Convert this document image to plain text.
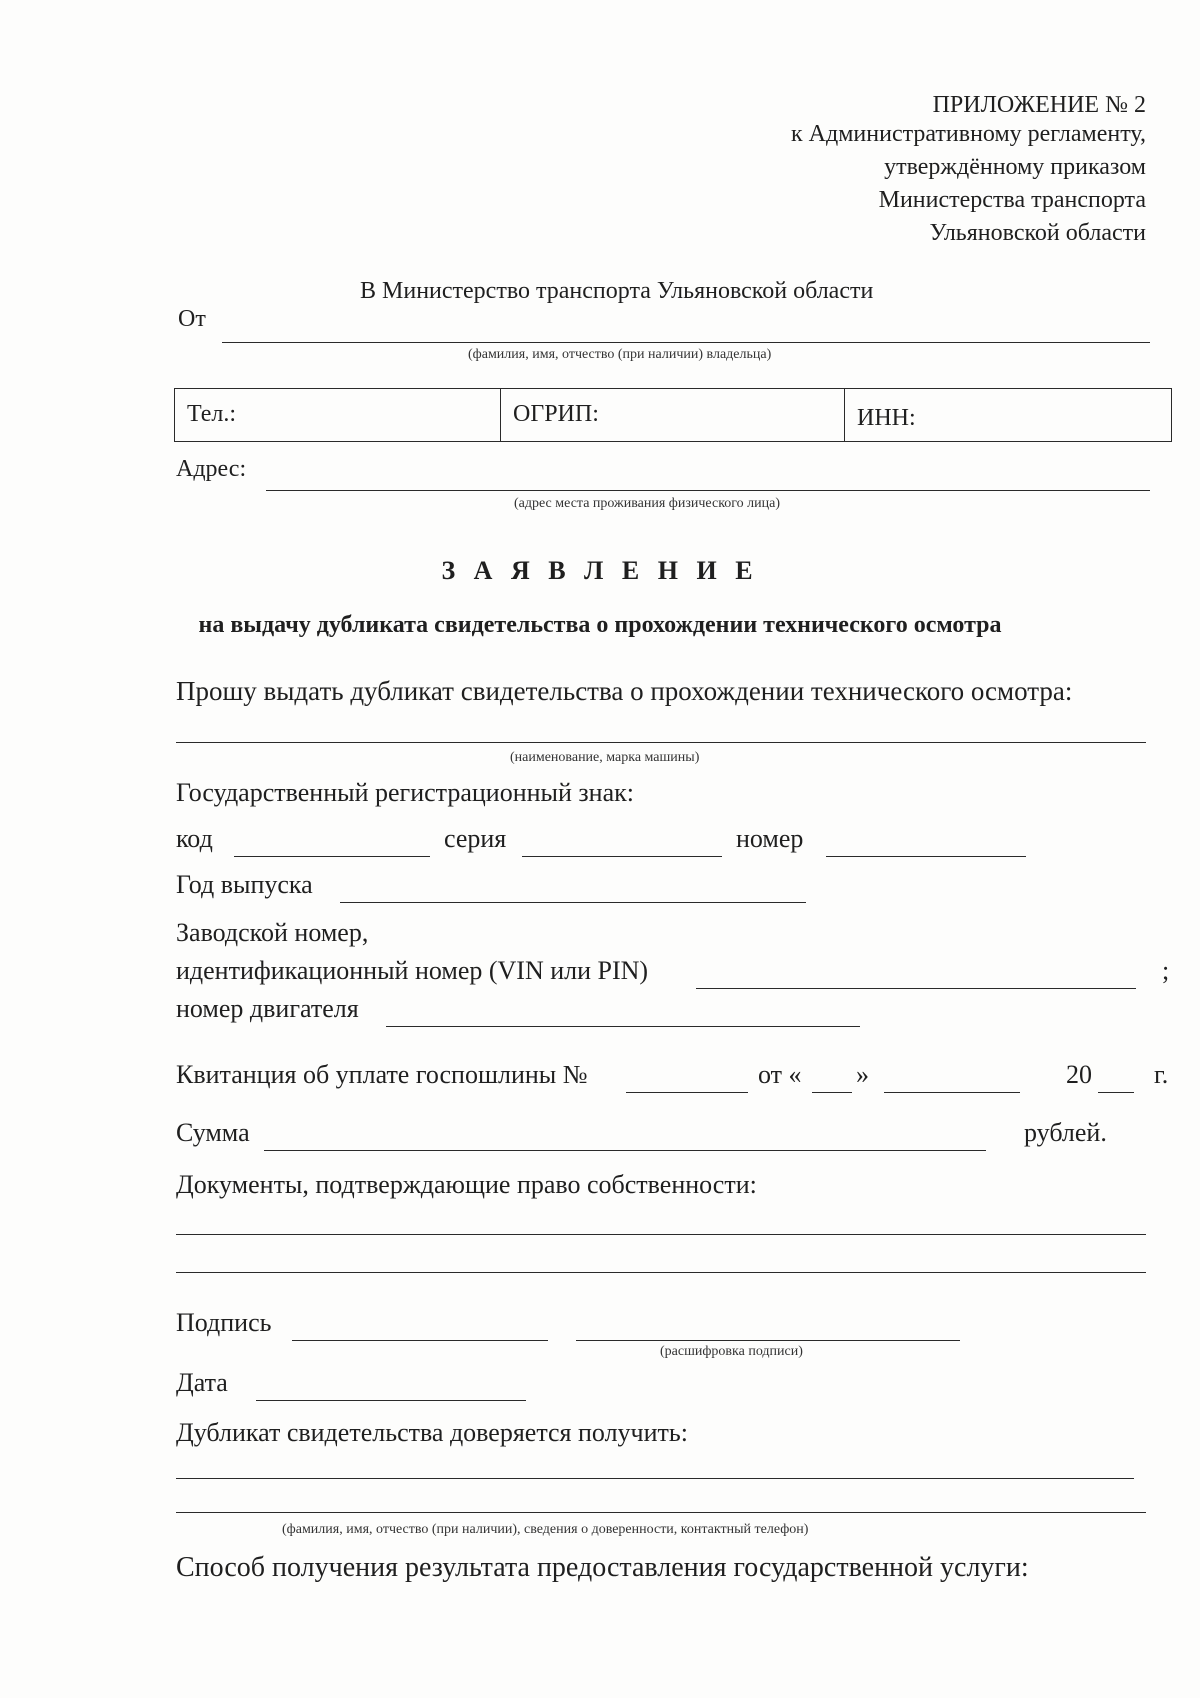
ПРИЛОЖЕНИЕ № 2
к Административному регламенту,
утверждённому приказом
Министерства транспорта
Ульяновской области
В Министерство транспорта Ульяновской области
От
(фамилия, имя, отчество (при наличии) владельца)
Тел.:	ОГРИП:	ИНН:
Адрес:
(адрес места проживания физического лица)
З А Я В Л Е Н И Е
на выдачу дубликата свидетельства о прохождении технического осмотра
Прошу выдать дубликат свидетельства о прохождении технического осмотра:
(наименование, марка машины)
Государственный регистрационный знак:
код	серия	номер
Год выпуска
Заводской номер,
идентификационный номер (VIN или PIN)	;
номер двигателя
Квитанция об уплате госпошлины №	от « »	20 г.
Сумма	рублей.
Документы, подтверждающие право собственности:
Подпись
(расшифровка подписи)
Дата
Дубликат свидетельства доверяется получить:
(фамилия, имя, отчество (при наличии), сведения о доверенности, контактный телефон)
Способ получения результата предоставления государственной услуги:
